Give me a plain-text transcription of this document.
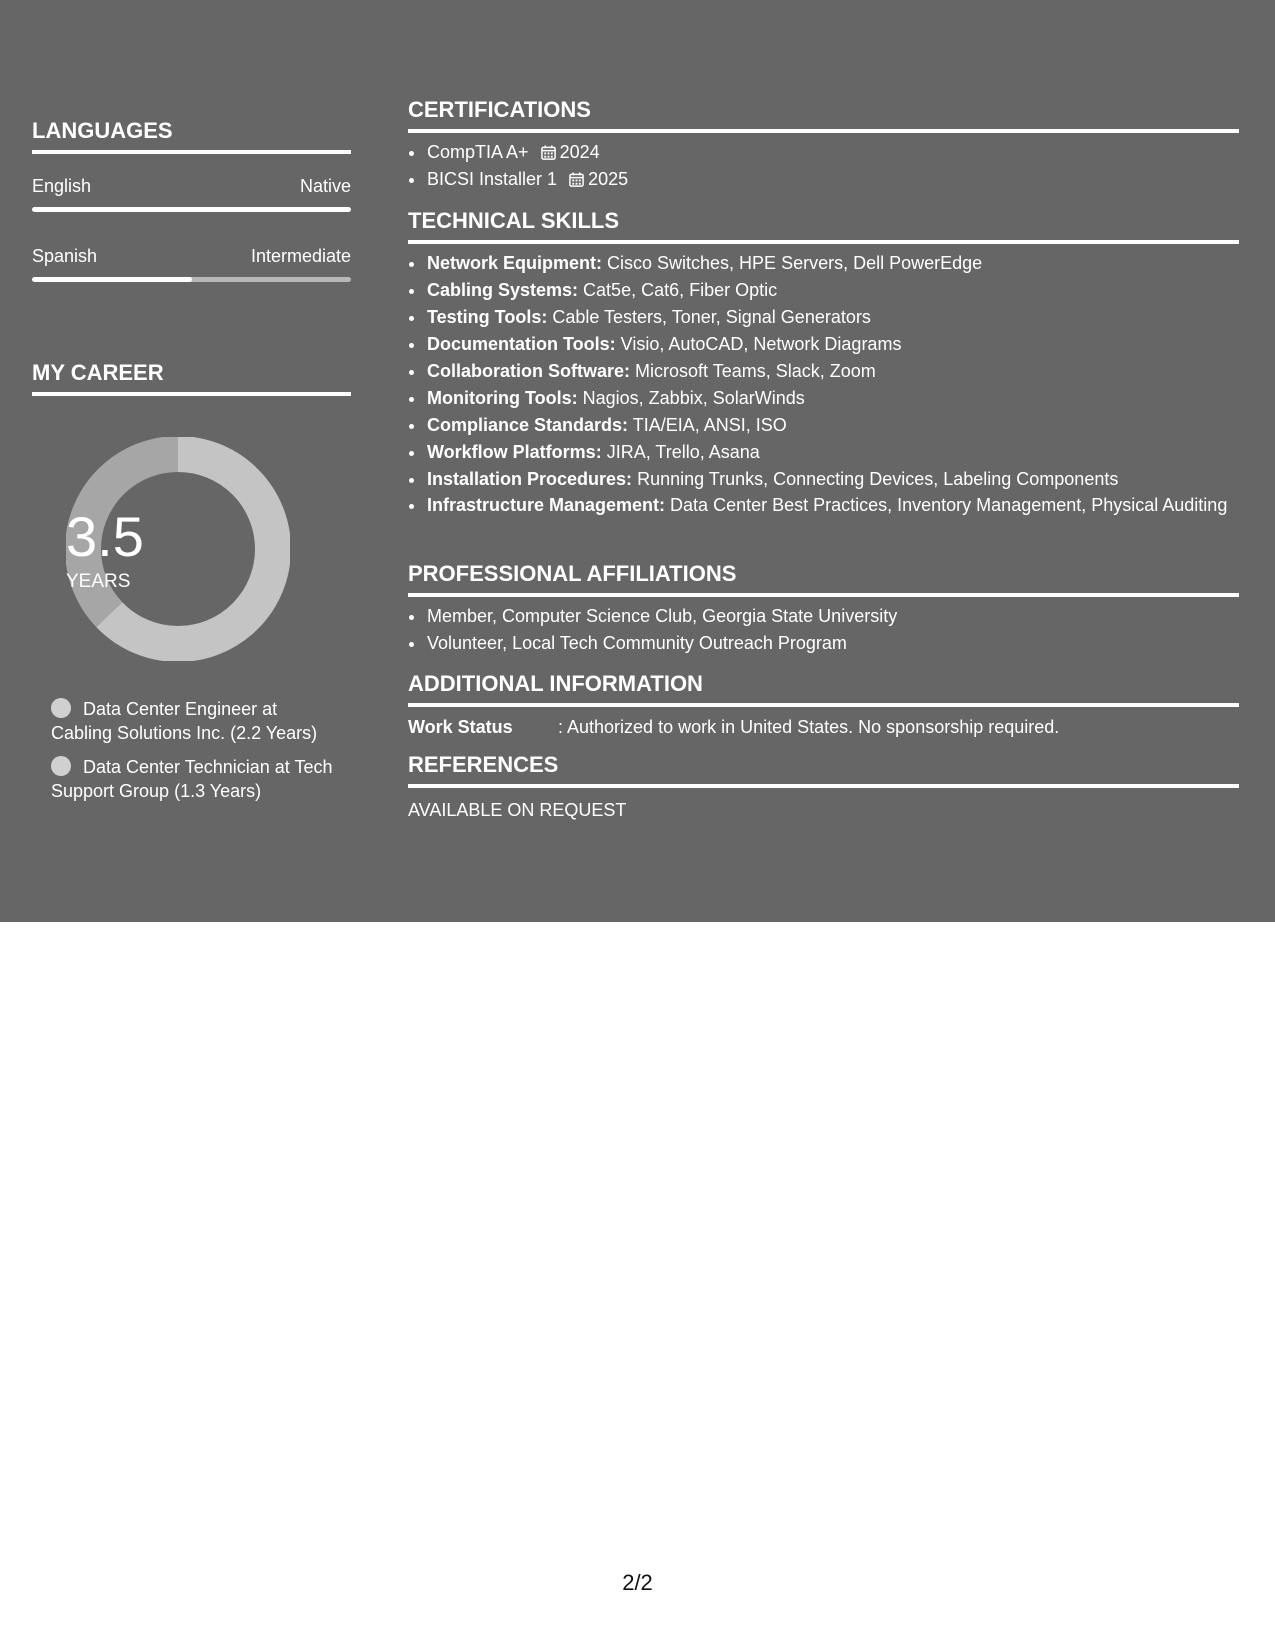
LANGUAGES
English	Native
Spanish	Intermediate
MY CAREER
3.5
YEARS
Data Center Engineer at Cabling Solutions Inc. (2.2 Years)
Data Center Technician at Tech Support Group (1.3 Years)
CERTIFICATIONS
• CompTIA A+ 2024
• BICSI Installer 1 2025
TECHNICAL SKILLS
• Network Equipment: Cisco Switches, HPE Servers, Dell PowerEdge
• Cabling Systems: Cat5e, Cat6, Fiber Optic
• Testing Tools: Cable Testers, Toner, Signal Generators
• Documentation Tools: Visio, AutoCAD, Network Diagrams
• Collaboration Software: Microsoft Teams, Slack, Zoom
• Monitoring Tools: Nagios, Zabbix, SolarWinds
• Compliance Standards: TIA/EIA, ANSI, ISO
• Workflow Platforms: JIRA, Trello, Asana
• Installation Procedures: Running Trunks, Connecting Devices, Labeling Components
• Infrastructure Management: Data Center Best Practices, Inventory Management, Physical Auditing
PROFESSIONAL AFFILIATIONS
• Member, Computer Science Club, Georgia State University
• Volunteer, Local Tech Community Outreach Program
ADDITIONAL INFORMATION
Work Status	: Authorized to work in United States. No sponsorship required.
REFERENCES
AVAILABLE ON REQUEST
2/2
